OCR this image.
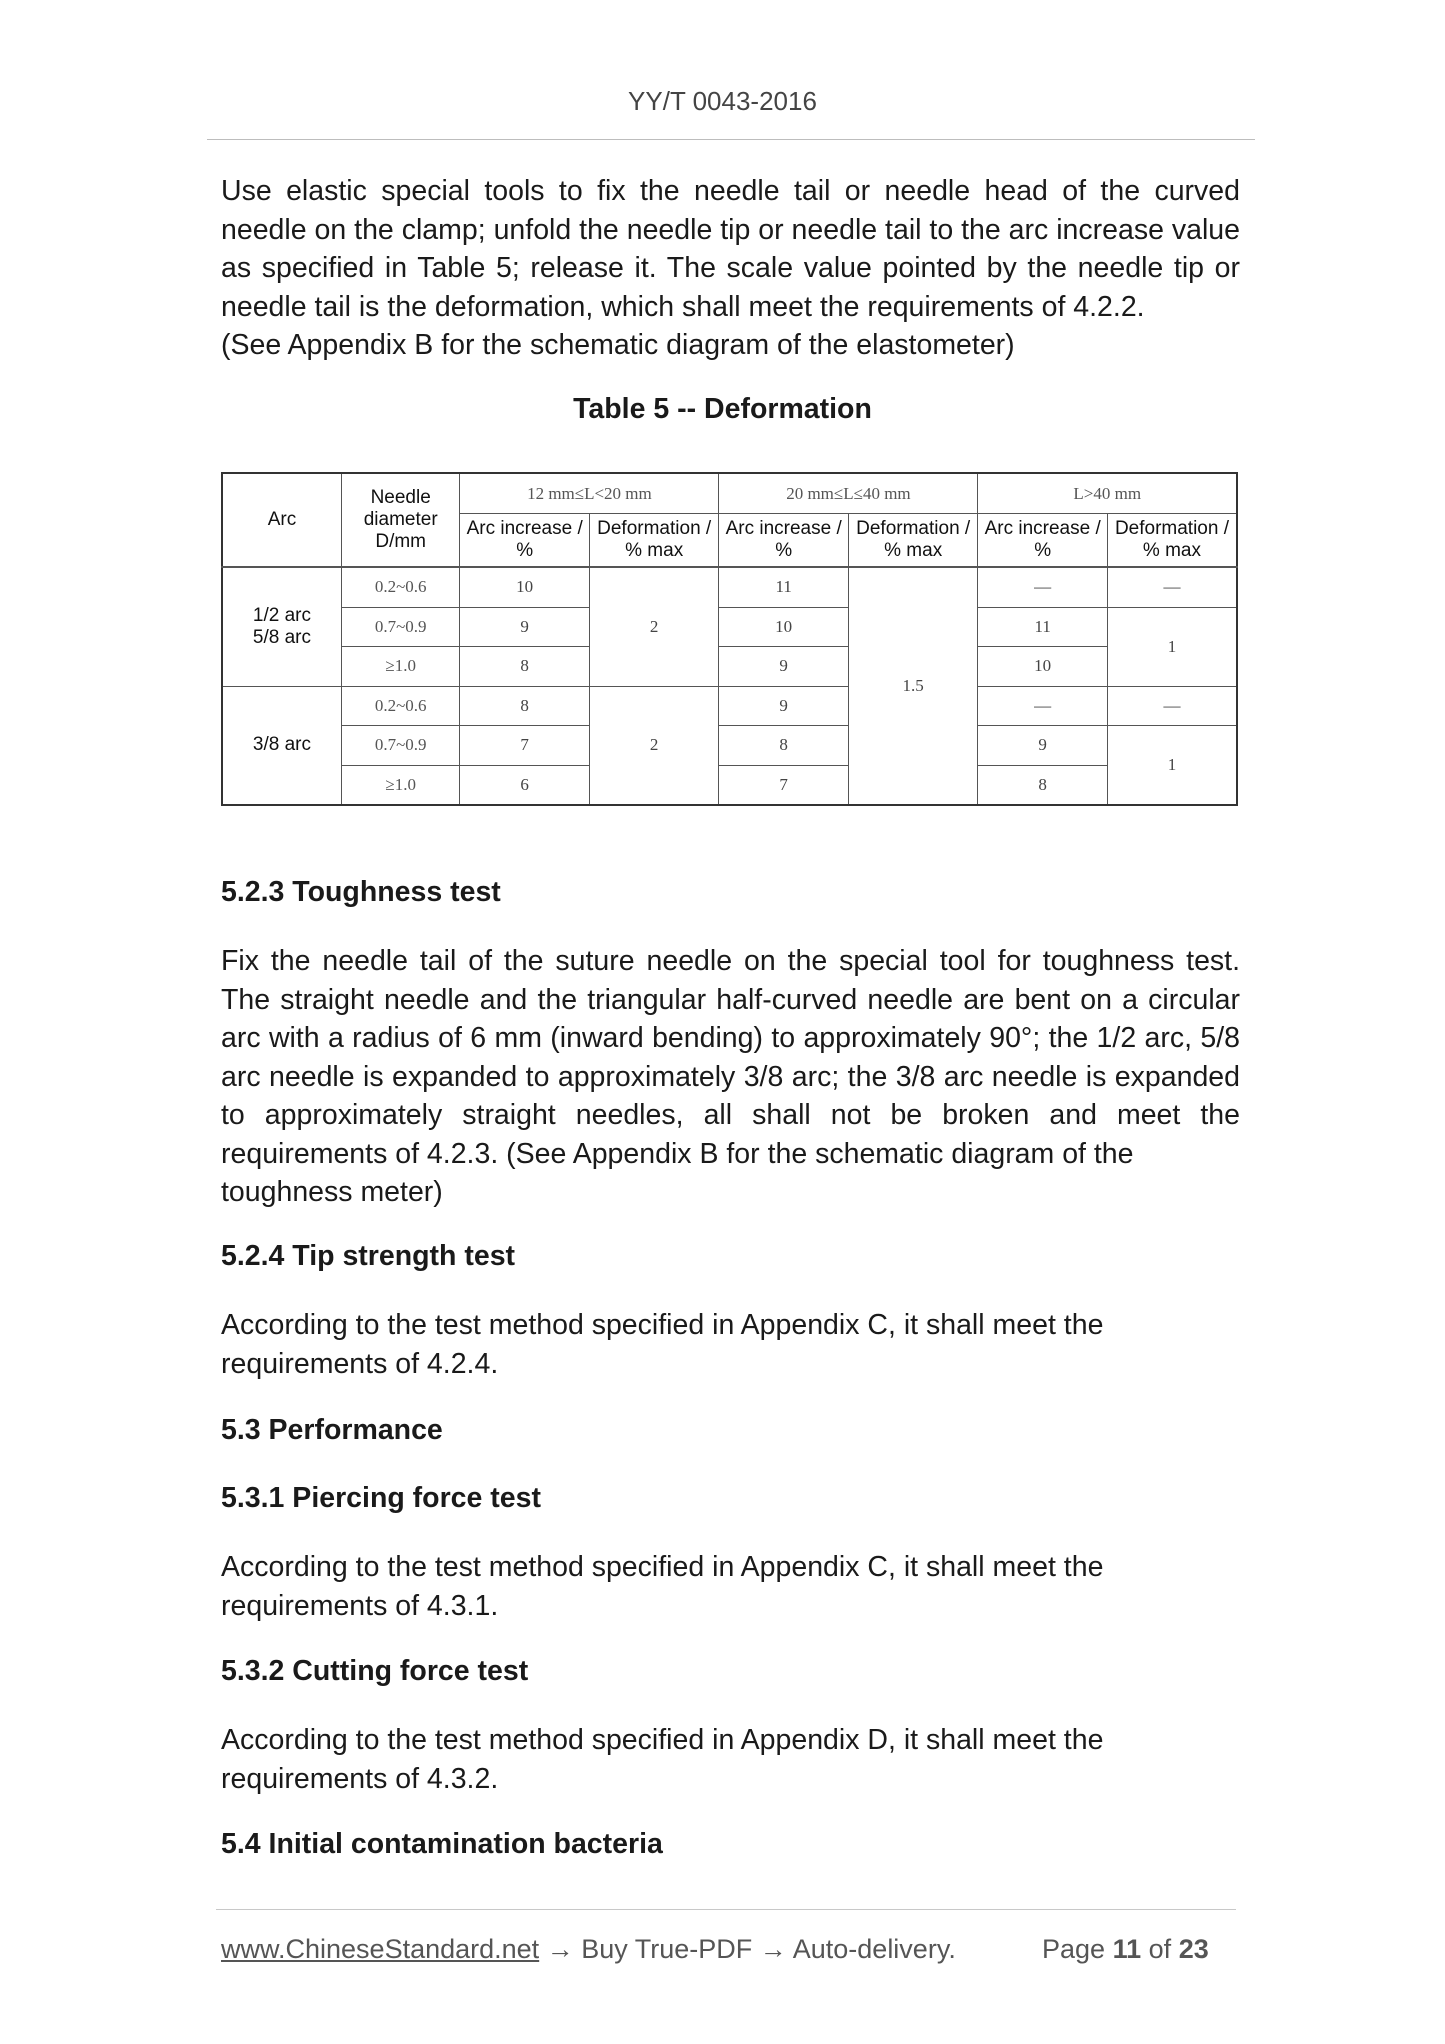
YY/T 0043-2016
Use elastic special tools to fix the needle tail or needle head of the curved needle on the clamp; unfold the needle tip or needle tail to the arc increase value as specified in Table 5; release it. The scale value pointed by the needle tip or needle tail is the deformation, which shall meet the requirements of 4.2.2.
(See Appendix B for the schematic diagram of the elastometer)
Table 5 -- Deformation
Arc	Needle diameter D/mm	12 mm≤L<20 mm		20 mm≤L≤40 mm		L>40 mm	
		Arc increase / %	Deformation / % max	Arc increase / %	Deformation / % max	Arc increase / %	Deformation / % max
1/2 arc 5/8 arc	0.2~0.6	10	2	11	1.5	—	—
	0.7~0.9	9		10		11	1
	≥1.0	8		9		10	
3/8 arc	0.2~0.6	8	2	9		—	—
	0.7~0.9	7		8		9	1
	≥1.0	6		7		8	
5.2.3 Toughness test
Fix the needle tail of the suture needle on the special tool for toughness test. The straight needle and the triangular half-curved needle are bent on a circular arc with a radius of 6 mm (inward bending) to approximately 90°; the 1/2 arc, 5/8 arc needle is expanded to approximately 3/8 arc; the 3/8 arc needle is expanded to approximately straight needles, all shall not be broken and meet the requirements of 4.2.3. (See Appendix B for the schematic diagram of the
toughness meter)
5.2.4 Tip strength test
According to the test method specified in Appendix C, it shall meet the
requirements of 4.2.4.
5.3 Performance
5.3.1 Piercing force test
According to the test method specified in Appendix C, it shall meet the
requirements of 4.3.1.
5.3.2 Cutting force test
According to the test method specified in Appendix D, it shall meet the
requirements of 4.3.2.
5.4 Initial contamination bacteria
www.ChineseStandard.net → Buy True-PDF → Auto-delivery.	Page 11 of 23
